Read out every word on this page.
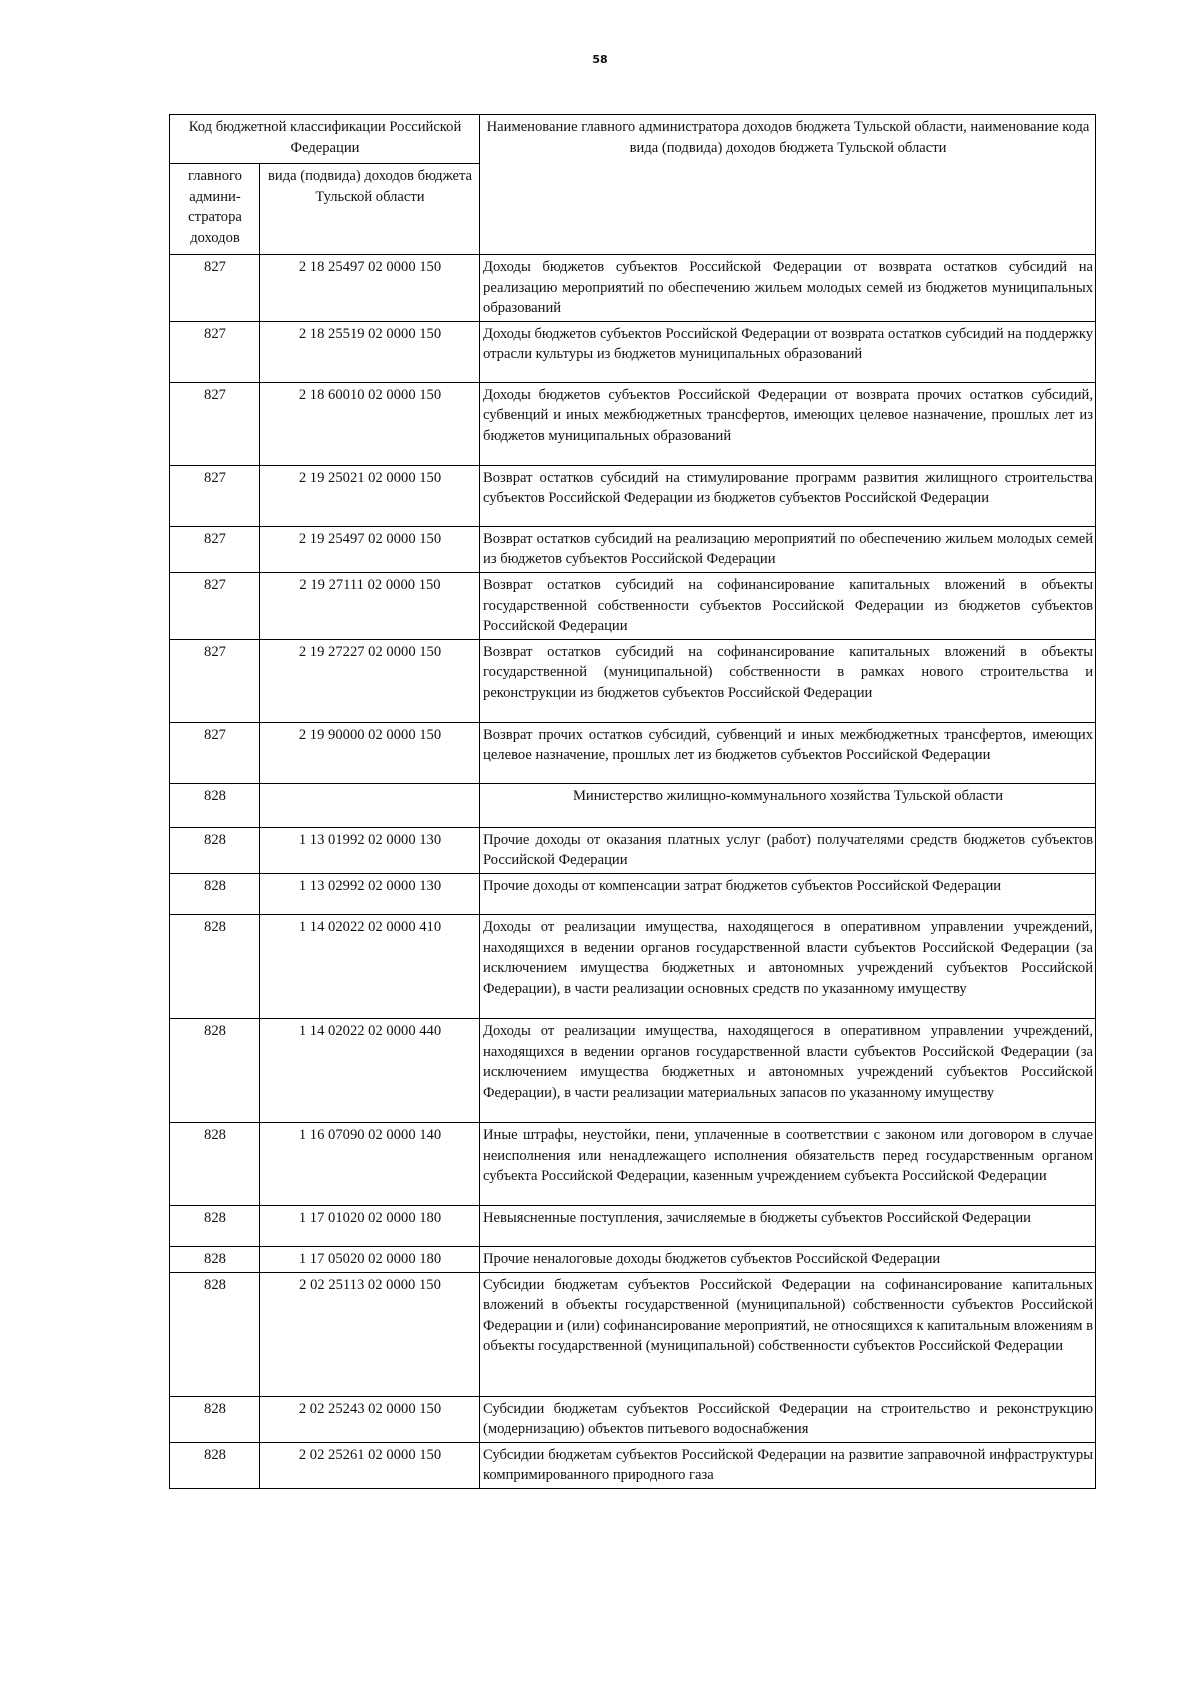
58
Код бюджетной классификации Российской Федерации		Наименование главного администратора доходов бюджета Тульской области, наименование кода вида (подвида) доходов бюджета Тульской области
главного админи-стратора доходов	вида (подвида) доходов бюджета Тульской области	
827	2 18 25497 02 0000 150	Доходы бюджетов субъектов Российской Федерации от возврата остатков субсидий на реализацию мероприятий по обеспечению жильем молодых семей из бюджетов муниципальных образований
827	2 18 25519 02 0000 150	Доходы бюджетов субъектов Российской Федерации от возврата остатков субсидий на поддержку отрасли культуры из бюджетов муниципальных образований
827	2 18 60010 02 0000 150	Доходы бюджетов субъектов Российской Федерации от возврата прочих остатков субсидий, субвенций и иных межбюджетных трансфертов, имеющих целевое назначение, прошлых лет из бюджетов муниципальных образований
827	2 19 25021 02 0000 150	Возврат остатков субсидий на стимулирование программ развития жилищного строительства субъектов Российской Федерации из бюджетов субъектов Российской Федерации
827	2 19 25497 02 0000 150	Возврат остатков субсидий на реализацию мероприятий по обеспечению жильем молодых семей из бюджетов субъектов Российской Федерации
827	2 19 27111 02 0000 150	Возврат остатков субсидий на софинансирование капитальных вложений в объекты государственной собственности субъектов Российской Федерации из бюджетов субъектов Российской Федерации
827	2 19 27227 02 0000 150	Возврат остатков субсидий на софинансирование капитальных вложений в объекты государственной (муниципальной) собственности в рамках нового строительства и реконструкции из бюджетов субъектов Российской Федерации
827	2 19 90000 02 0000 150	Возврат прочих остатков субсидий, субвенций и иных межбюджетных трансфертов, имеющих целевое назначение, прошлых лет из бюджетов субъектов Российской Федерации
828		Министерство жилищно-коммунального хозяйства Тульской области
828	1 13 01992 02 0000 130	Прочие доходы от оказания платных услуг (работ) получателями средств бюджетов субъектов Российской Федерации
828	1 13 02992 02 0000 130	Прочие доходы от компенсации затрат бюджетов субъектов Российской Федерации
828	1 14 02022 02 0000 410	Доходы от реализации имущества, находящегося в оперативном управлении учреждений, находящихся в ведении органов государственной власти субъектов Российской Федерации (за исключением имущества бюджетных и автономных учреждений субъектов Российской Федерации), в части реализации основных средств по указанному имуществу
828	1 14 02022 02 0000 440	Доходы от реализации имущества, находящегося в оперативном управлении учреждений, находящихся в ведении органов государственной власти субъектов Российской Федерации (за исключением имущества бюджетных и автономных учреждений субъектов Российской Федерации), в части реализации материальных запасов по указанному имуществу
828	1 16 07090 02 0000 140	Иные штрафы, неустойки, пени, уплаченные в соответствии с законом или договором в случае неисполнения или ненадлежащего исполнения обязательств перед государственным органом субъекта Российской Федерации, казенным учреждением субъекта Российской Федерации
828	1 17 01020 02 0000 180	Невыясненные поступления, зачисляемые в бюджеты субъектов Российской Федерации
828	1 17 05020 02 0000 180	Прочие неналоговые доходы бюджетов субъектов Российской Федерации
828	2 02 25113 02 0000 150	Субсидии бюджетам субъектов Российской Федерации на софинансирование капитальных вложений в объекты государственной (муниципальной) собственности субъектов Российской Федерации и (или) софинансирование мероприятий, не относящихся к капитальным вложениям в объекты государственной (муниципальной) собственности субъектов Российской Федерации
828	2 02 25243 02 0000 150	Субсидии бюджетам субъектов Российской Федерации на строительство и реконструкцию (модернизацию) объектов питьевого водоснабжения
828	2 02 25261 02 0000 150	Субсидии бюджетам субъектов Российской Федерации на развитие заправочной инфраструктуры компримированного природного газа
